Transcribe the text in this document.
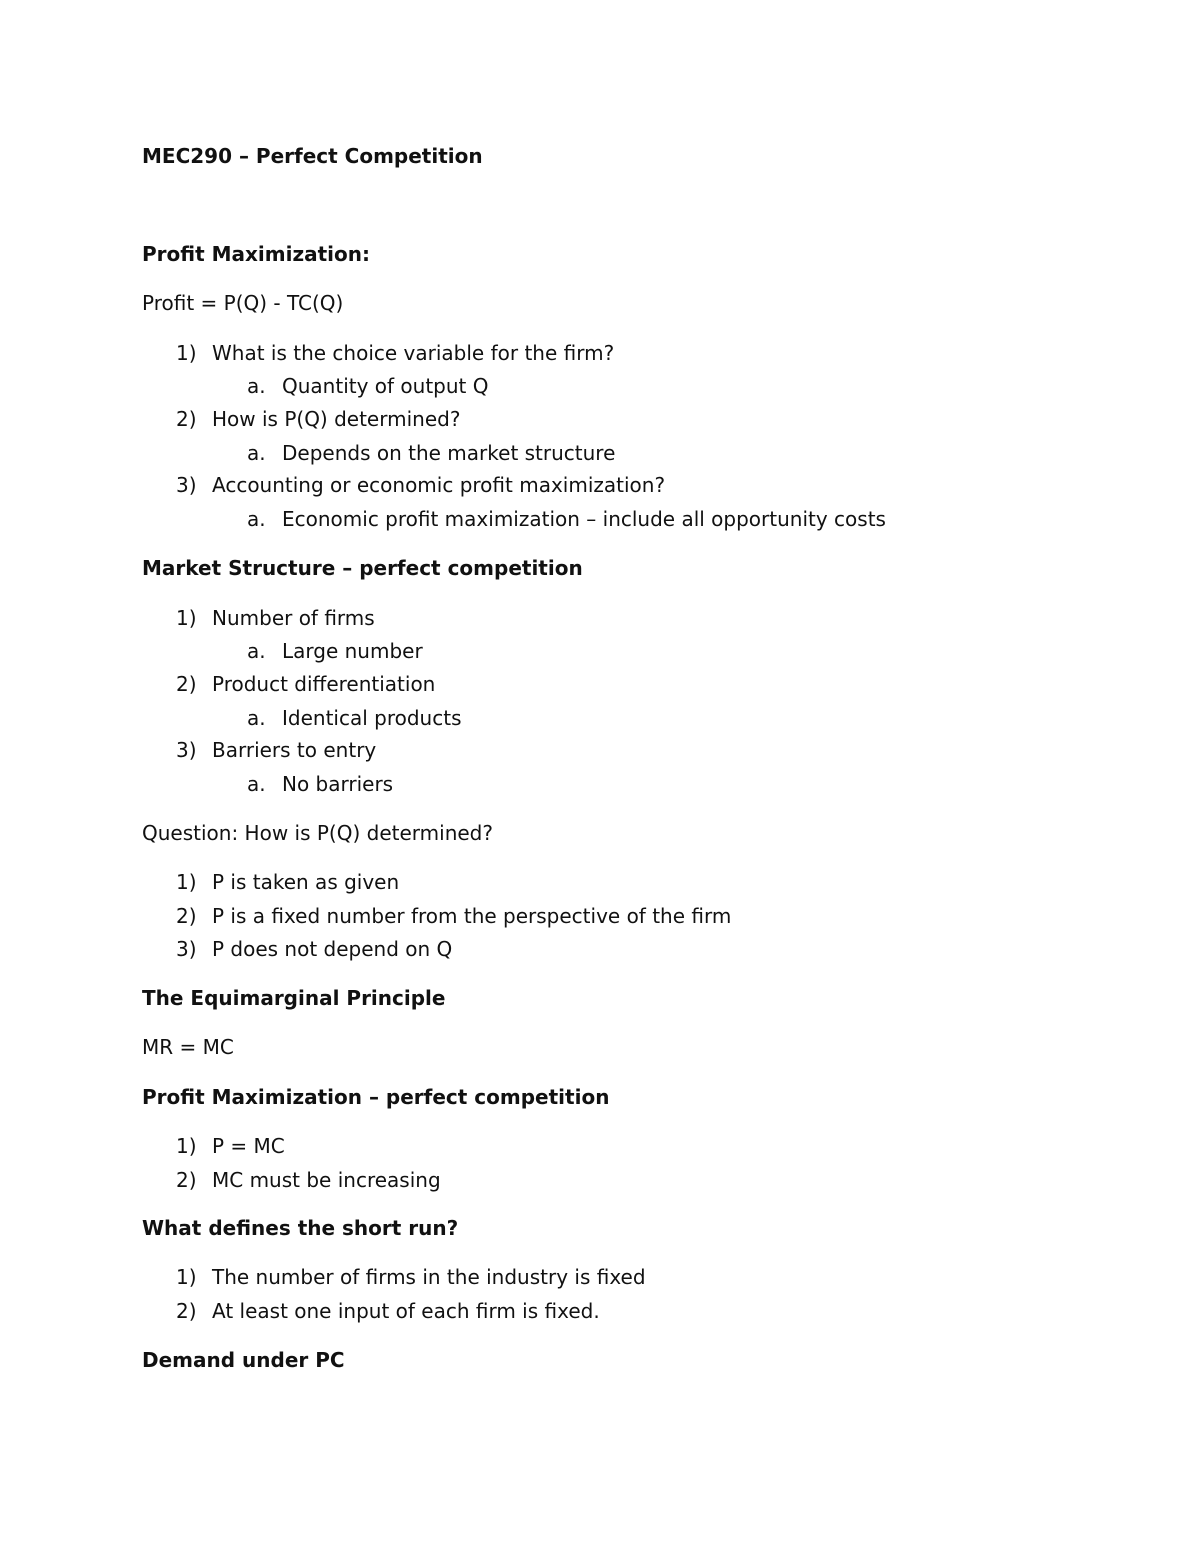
MEC290 – Perfect Competition
Profit Maximization:
Profit = P(Q) - TC(Q)
1) What is the choice variable for the firm?
a. Quantity of output Q
2) How is P(Q) determined?
a. Depends on the market structure
3) Accounting or economic profit maximization?
a. Economic profit maximization – include all opportunity costs
Market Structure – perfect competition
1) Number of firms
a. Large number
2) Product differentiation
a. Identical products
3) Barriers to entry
a. No barriers
Question: How is P(Q) determined?
1) P is taken as given
2) P is a fixed number from the perspective of the firm
3) P does not depend on Q
The Equimarginal Principle
MR = MC
Profit Maximization – perfect competition
1) P = MC
2) MC must be increasing
What defines the short run?
1) The number of firms in the industry is fixed
2) At least one input of each firm is fixed.
Demand under PC
